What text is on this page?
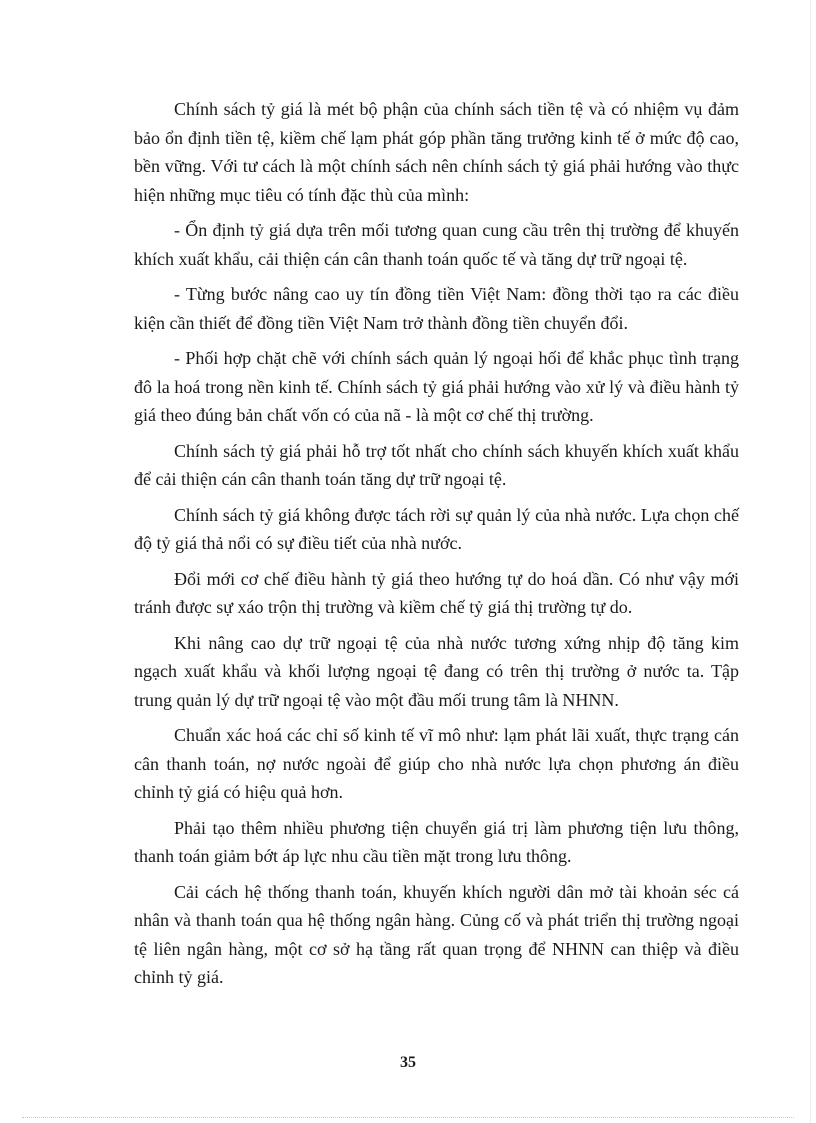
Chính sách tỷ giá là mét bộ phận của chính sách tiền tệ và có nhiệm vụ đảm bảo ổn định tiền tệ, kiềm chế lạm phát góp phần tăng trưởng kinh tế ở mức độ cao, bền vững. Với tư cách là một chính sách nên chính sách tỷ giá phải hướng vào thực hiện những mục tiêu có tính đặc thù của mình:

- Ổn định tỷ giá dựa trên mối tương quan cung cầu trên thị trường để khuyến khích xuất khẩu, cải thiện cán cân thanh toán quốc tế và tăng dự trữ ngoại tệ.

- Từng bước nâng cao uy tín đồng tiền Việt Nam: đồng thời tạo ra các điều kiện cần thiết để đồng tiền Việt Nam trở thành đồng tiền chuyển đổi.

- Phối hợp chặt chẽ với chính sách quản lý ngoại hối để khắc phục tình trạng đô la hoá trong nền kinh tế. Chính sách tỷ giá phải hướng vào xử lý và điều hành tỷ giá theo đúng bản chất vốn có của nã - là một cơ chế thị trường.

Chính sách tỷ giá phải hỗ trợ tốt nhất cho chính sách khuyến khích xuất khẩu để cải thiện cán cân thanh toán tăng dự trữ ngoại tệ.

Chính sách tỷ giá không được tách rời sự quản lý của nhà nước. Lựa chọn chế độ tỷ giá thả nổi có sự điều tiết của nhà nước.

Đổi mới cơ chế điều hành tỷ giá theo hướng tự do hoá dần. Có như vậy mới tránh được sự xáo trộn thị trường và kiềm chế tỷ giá thị trường tự do.

Khi nâng cao dự trữ ngoại tệ của nhà nước tương xứng nhịp độ tăng kim ngạch xuất khẩu và khối lượng ngoại tệ đang có trên thị trường ở nước ta. Tập trung quản lý dự trữ ngoại tệ vào một đầu mối trung tâm là NHNN.

Chuẩn xác hoá các chỉ số kinh tế vĩ mô như: lạm phát lãi xuất, thực trạng cán cân thanh toán, nợ nước ngoài để giúp cho nhà nước lựa chọn phương án điều chỉnh tỷ giá có hiệu quả hơn.

Phải tạo thêm nhiều phương tiện chuyển giá trị làm phương tiện lưu thông, thanh toán giảm bớt áp lực nhu cầu tiền mặt trong lưu thông.

Cải cách hệ thống thanh toán, khuyến khích người dân mở tài khoản séc cá nhân và thanh toán qua hệ thống ngân hàng. Củng cố và phát triển thị trường ngoại tệ liên ngân hàng, một cơ sở hạ tầng rất quan trọng để NHNN can thiệp và điều chỉnh tỷ giá.

35
